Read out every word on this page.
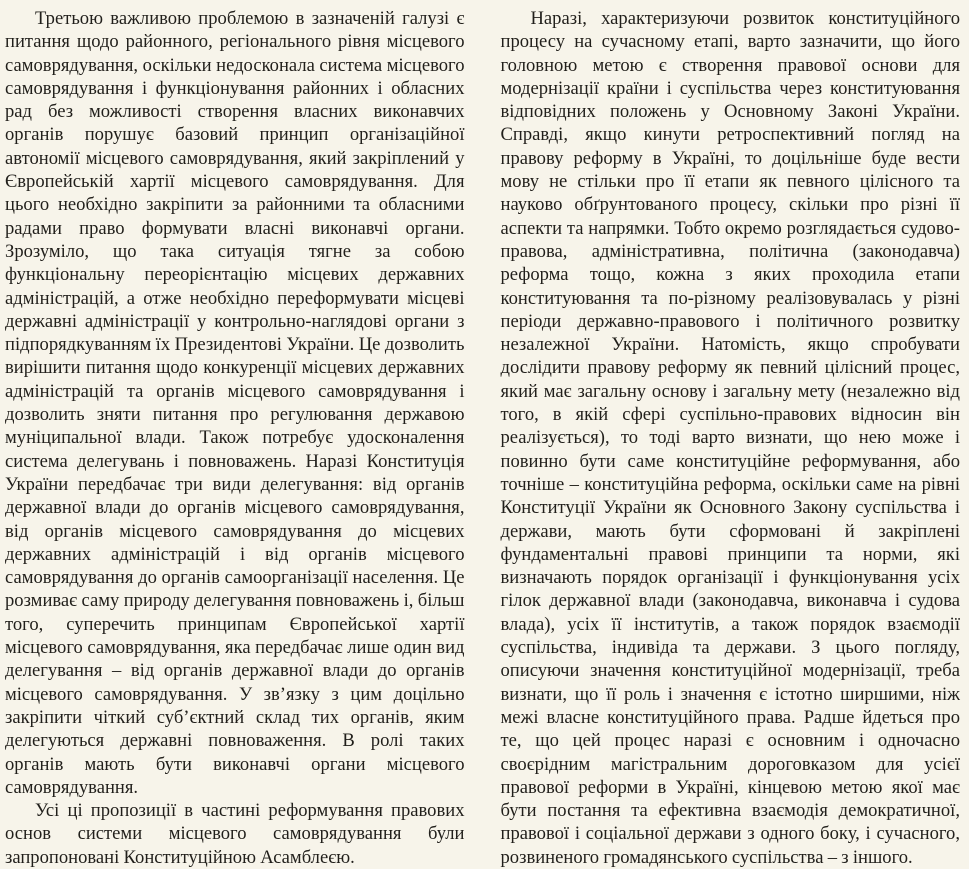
Третьою важливою проблемою в зазначеній галузі є питання щодо районного, регіонального рівня місцевого самоврядування, оскільки недосконала система місцевого самоврядування і функціонування районних і обласних рад без можливості створення власних виконавчих органів порушує базовий принцип організаційної автономії місцевого самоврядування, який закріплений у Європейській хартії місцевого самоврядування. Для цього необхідно закріпити за районними та обласними радами право формувати власні виконавчі органи. Зрозуміло, що така ситуація тягне за собою функціональну переорієнтацію місцевих державних адміністрацій, а отже необхідно переформувати місцеві державні адміністрації у контрольно-наглядові органи з підпорядкуванням їх Президентові України. Це дозволить вирішити питання щодо конкуренції місцевих державних адміністрацій та органів місцевого самоврядування і дозволить зняти питання про регулювання державою муніципальної влади. Також потребує удосконалення система делегувань і повноважень. Наразі Конституція України передбачає три види делегування: від органів державної влади до органів місцевого самоврядування, від органів місцевого самоврядування до місцевих державних адміністрацій і від органів місцевого самоврядування до органів самоорганізації населення. Це розмиває саму природу делегування повноважень і, більш того, суперечить принципам Європейської хартії місцевого самоврядування, яка передбачає лише один вид делегування – від органів державної влади до органів місцевого самоврядування. У зв’язку з цим доцільно закріпити чіткий суб’єктний склад тих органів, яким делегуються державні повноваження. В ролі таких органів мають бути виконавчі органи місцевого самоврядування.

Усі ці пропозиції в частині реформування правових основ системи місцевого самоврядування були запропоновані Конституційною Асамблеєю.

Наразі, характеризуючи розвиток конституційного процесу на сучасному етапі, варто зазначити, що його головною метою є створення правової основи для модернізації країни і суспільства через конституювання відповідних положень у Основному Законі України. Справді, якщо кинути ретроспективний погляд на правову реформу в Україні, то доцільніше буде вести мову не стільки про її етапи як певного цілісного та науково обґрунтованого процесу, скільки про різні її аспекти та напрямки. Тобто окремо розглядається судово-правова, адміністративна, політична (законодавча) реформа тощо, кожна з яких проходила етапи конституювання та по-різному реалізовувалась у різні періоди державно-правового і політичного розвитку незалежної України. Натомість, якщо спробувати дослідити правову реформу як певний цілісний процес, який має загальну основу і загальну мету (незалежно від того, в якій сфері суспільно-правових відносин він реалізується), то тоді варто визнати, що нею може і повинно бути саме конституційне реформування, або точніше – конституційна реформа, оскільки саме на рівні Конституції України як Основного Закону суспільства і держави, мають бути сформовані й закріплені фундаментальні правові принципи та норми, які визначають порядок організації і функціонування усіх гілок державної влади (законодавча, виконавча і судова влада), усіх її інститутів, а також порядок взаємодії суспільства, індивіда та держави. З цього погляду, описуючи значення конституційної модернізації, треба визнати, що її роль і значення є істотно ширшими, ніж межі власне конституційного права. Радше йдеться про те, що цей процес наразі є основним і одночасно своєрідним магістральним дороговказом для усієї правової реформи в Україні, кінцевою метою якої має бути постання та ефективна взаємодія демократичної, правової і соціальної держави з одного боку, і сучасного, розвиненого громадянського суспільства – з іншого.
